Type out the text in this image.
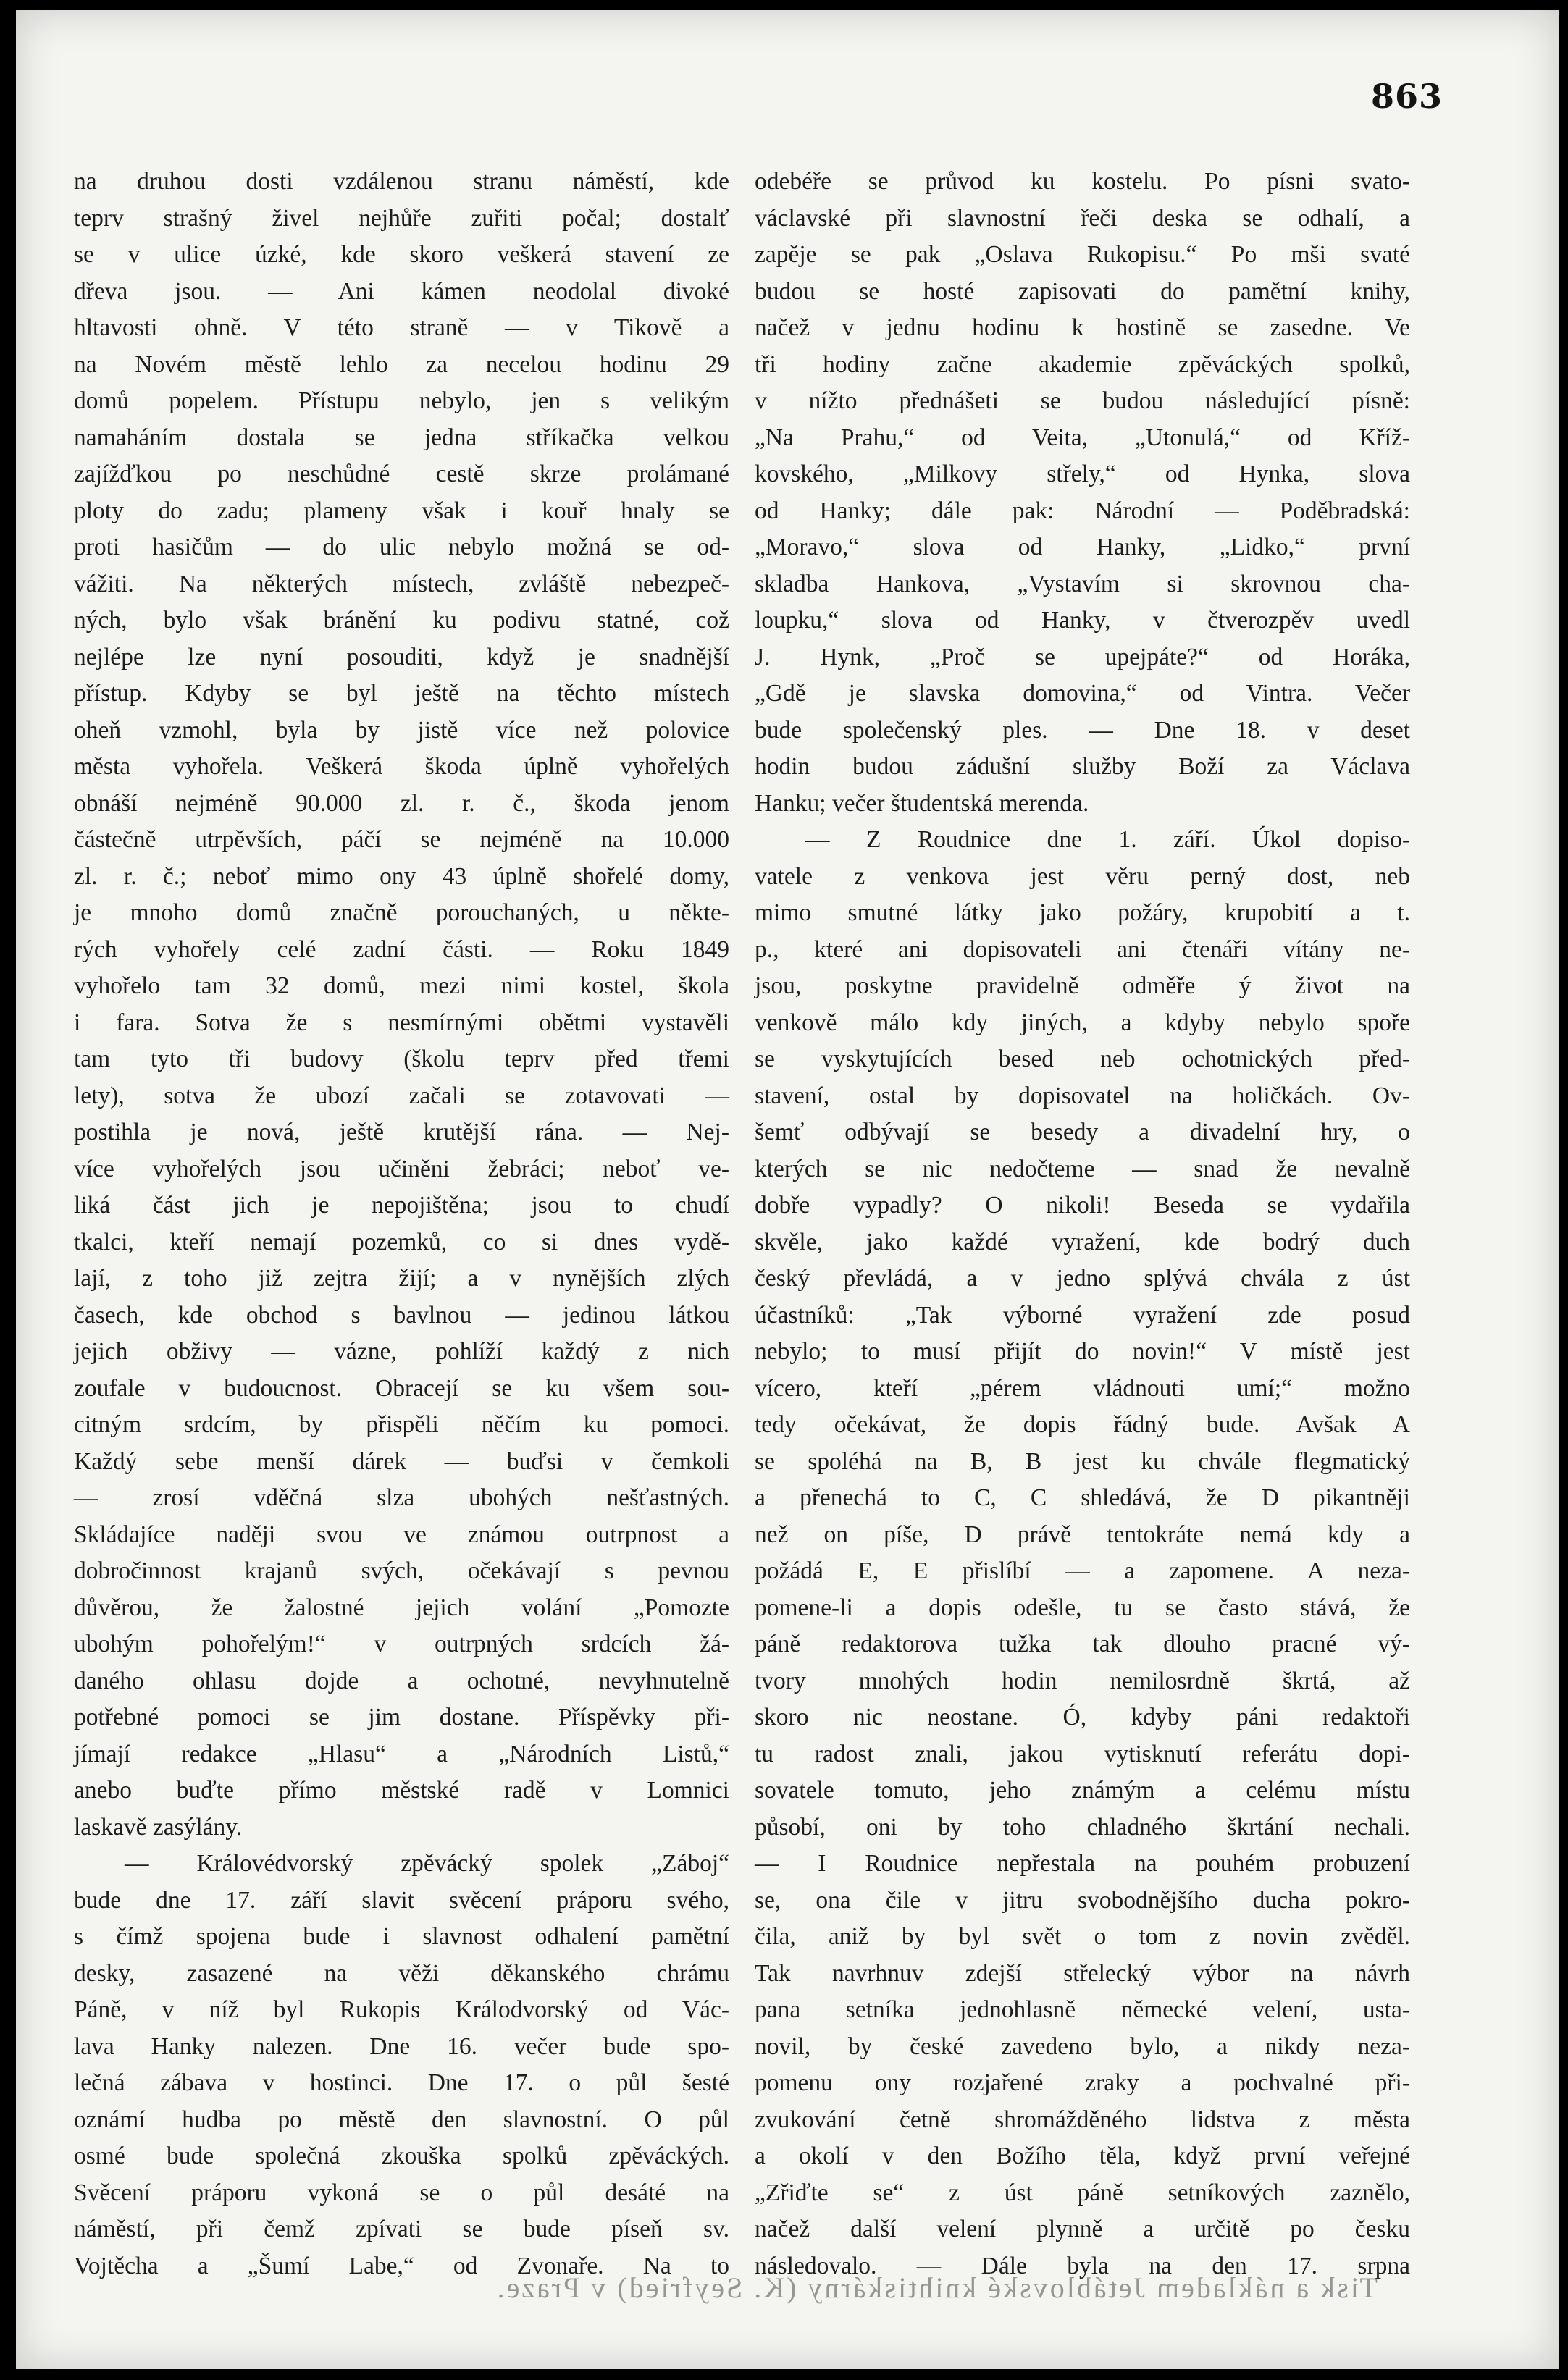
863
na druhou dosti vzdálenou stranu náměstí, kde
teprv strašný živel nejhůře zuřiti počal; dostalť
se v ulice úzké, kde skoro veškerá stavení ze
dřeva jsou. — Ani kámen neodolal divoké
hltavosti ohně. V této straně — v Tikově a
na Novém městě lehlo za necelou hodinu 29
domů popelem. Přístupu nebylo, jen s velikým
namaháním dostala se jedna stříkačka velkou
zajížďkou po neschůdné cestě skrze prolámané
ploty do zadu; plameny však i kouř hnaly se
proti hasičům — do ulic nebylo možná se od-
vážiti. Na některých místech, zvláště nebezpeč-
ných, bylo však bránění ku podivu statné, což
nejlépe lze nyní posouditi, když je snadnější
přístup. Kdyby se byl ještě na těchto místech
oheň vzmohl, byla by jistě více než polovice
města vyhořela. Veškerá škoda úplně vyhořelých
obnáší nejméně 90.000 zl. r. č., škoda jenom
částečně utrpěvších, páčí se nejméně na 10.000
zl. r. č.; neboť mimo ony 43 úplně shořelé domy,
je mnoho domů značně porouchaných, u někte-
rých vyhořely celé zadní části. — Roku 1849
vyhořelo tam 32 domů, mezi nimi kostel, škola
i fara. Sotva že s nesmírnými obětmi vystavěli
tam tyto tři budovy (školu teprv před třemi
lety), sotva že ubozí začali se zotavovati —
postihla je nová, ještě krutější rána. — Nej-
více vyhořelých jsou učiněni žebráci; neboť ve-
liká část jich je nepojištěna; jsou to chudí
tkalci, kteří nemají pozemků, co si dnes vydě-
lají, z toho již zejtra žijí; a v nynějších zlých
časech, kde obchod s bavlnou — jedinou látkou
jejich obživy — vázne, pohlíží každý z nich
zoufale v budoucnost. Obracejí se ku všem sou-
citným srdcím, by přispěli něčím ku pomoci.
Každý sebe menší dárek — buďsi v čemkoli
— zrosí vděčná slza ubohých nešťastných.
Skládajíce naději svou ve známou outrpnost a
dobročinnost krajanů svých, očekávají s pevnou
důvěrou, že žalostné jejich volání „Pomozte
ubohým pohořelým!“ v outrpných srdcích žá-
daného ohlasu dojde a ochotné, nevyhnutelně
potřebné pomoci se jim dostane. Příspěvky při-
jímají redakce „Hlasu“ a „Národních Listů,“
anebo buďte přímo městské radě v Lomnici
laskavě zasýlány.
— Královédvorský zpěvácký spolek „Záboj“
bude dne 17. září slavit svěcení práporu svého,
s čímž spojena bude i slavnost odhalení pamětní
desky, zasazené na věži děkanského chrámu
Páně, v níž byl Rukopis Králodvorský od Vác-
lava Hanky nalezen. Dne 16. večer bude spo-
lečná zábava v hostinci. Dne 17. o půl šesté
oznámí hudba po městě den slavnostní. O půl
osmé bude společná zkouška spolků zpěváckých.
Svěcení práporu vykoná se o půl desáté na
náměstí, při čemž zpívati se bude píseň sv.
Vojtěcha a „Šumí Labe,“ od Zvonaře. Na to
odebéře se průvod ku kostelu. Po písni svato-
václavské při slavnostní řeči deska se odhalí, a
zapěje se pak „Oslava Rukopisu.“ Po mši svaté
budou se hosté zapisovati do pamětní knihy,
načež v jednu hodinu k hostině se zasedne. Ve
tři hodiny začne akademie zpěváckých spolků,
v nížto přednášeti se budou následující písně:
„Na Prahu,“ od Veita, „Utonulá,“ od Kříž-
kovského, „Milkovy střely,“ od Hynka, slova
od Hanky; dále pak: Národní — Poděbradská:
„Moravo,“ slova od Hanky, „Lidko,“ první
skladba Hankova, „Vystavím si skrovnou cha-
loupku,“ slova od Hanky, v čtverozpěv uvedl
J. Hynk, „Proč se upejpáte?“ od Horáka,
„Gdě je slavska domovina,“ od Vintra. Večer
bude společenský ples. — Dne 18. v deset
hodin budou zádušní služby Boží za Václava
Hanku; večer študentská merenda.
— Z Roudnice dne 1. září. Úkol dopiso-
vatele z venkova jest věru perný dost, neb
mimo smutné látky jako požáry, krupobití a t.
p., které ani dopisovateli ani čtenáři vítány ne-
jsou, poskytne pravidelně odměře ý život na
venkově málo kdy jiných, a kdyby nebylo spoře
se vyskytujících besed neb ochotnických před-
stavení, ostal by dopisovatel na holičkách. Ov-
šemť odbývají se besedy a divadelní hry, o
kterých se nic nedočteme — snad že nevalně
dobře vypadly? O nikoli! Beseda se vydařila
skvěle, jako každé vyražení, kde bodrý duch
český převládá, a v jedno splývá chvála z úst
účastníků: „Tak výborné vyražení zde posud
nebylo; to musí přijít do novin!“ V místě jest
vícero, kteří „pérem vládnouti umí;“ možno
tedy očekávat, že dopis řádný bude. Avšak A
se spoléhá na B, B jest ku chvále flegmatický
a přenechá to C, C shledává, že D pikantněji
než on píše, D právě tentokráte nemá kdy a
požádá E, E přislíbí — a zapomene. A neza-
pomene-li a dopis odešle, tu se často stává, že
páně redaktorova tužka tak dlouho pracné vý-
tvory mnohých hodin nemilosrdně škrtá, až
skoro nic neostane. Ó, kdyby páni redaktoři
tu radost znali, jakou vytisknutí referátu dopi-
sovatele tomuto, jeho známým a celému místu
působí, oni by toho chladného škrtání nechali.
— I Roudnice nepřestala na pouhém probuzení
se, ona čile v jitru svobodnějšího ducha pokro-
čila, aniž by byl svět o tom z novin zvěděl.
Tak navrhnuv zdejší střelecký výbor na návrh
pana setníka jednohlasně německé velení, usta-
novil, by české zavedeno bylo, a nikdy neza-
pomenu ony rozjařené zraky a pochvalné při-
zvukování četně shromážděného lidstva z města
a okolí v den Božího těla, když první veřejné
„Zřiďte se“ z úst páně setníkových zaznělo,
načež další velení plynně a určitě po česku
následovalo. — Dále byla na den 17. srpna
Tisk a nákladem Jetáblovské knihtiskárny (K. Seyfried) v Praze.
